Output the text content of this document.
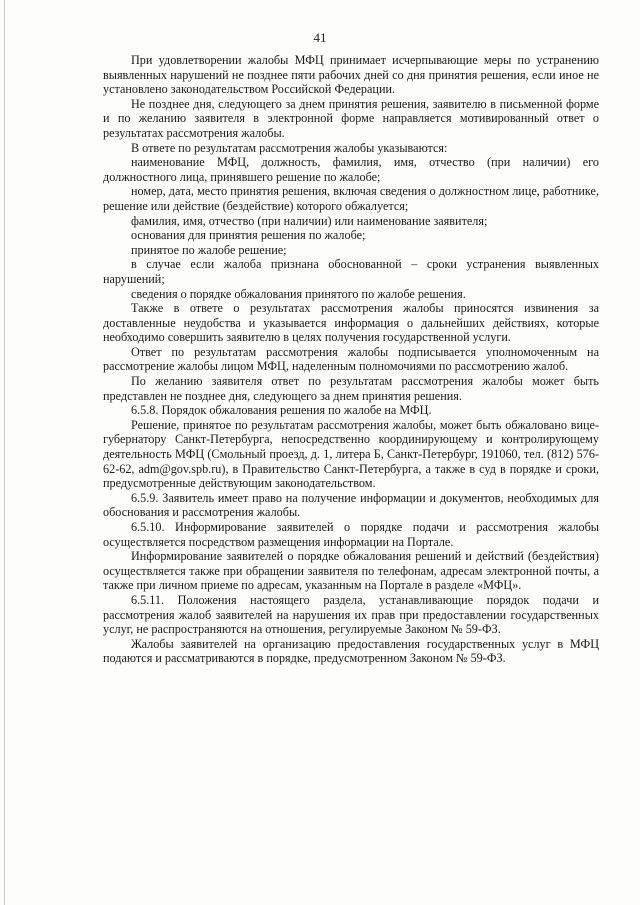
41

При удовлетворении жалобы МФЦ принимает исчерпывающие меры по устранению выявленных нарушений не позднее пяти рабочих дней со дня принятия решения, если иное не установлено законодательством Российской Федерации.

Не позднее дня, следующего за днем принятия решения, заявителю в письменной форме и по желанию заявителя в электронной форме направляется мотивированный ответ о результатах рассмотрения жалобы.

В ответе по результатам рассмотрения жалобы указываются:

наименование МФЦ, должность, фамилия, имя, отчество (при наличии) его должностного лица, принявшего решение по жалобе;

номер, дата, место принятия решения, включая сведения о должностном лице, работнике, решение или действие (бездействие) которого обжалуется;

фамилия, имя, отчество (при наличии) или наименование заявителя;

основания для принятия решения по жалобе;

принятое по жалобе решение;

в случае если жалоба признана обоснованной – сроки устранения выявленных нарушений;

сведения о порядке обжалования принятого по жалобе решения.

Также в ответе о результатах рассмотрения жалобы приносятся извинения за доставленные неудобства и указывается информация о дальнейших действиях, которые необходимо совершить заявителю в целях получения государственной услуги.

Ответ по результатам рассмотрения жалобы подписывается уполномоченным на рассмотрение жалобы лицом МФЦ, наделенным полномочиями по рассмотрению жалоб.

По желанию заявителя ответ по результатам рассмотрения жалобы может быть представлен не позднее дня, следующего за днем принятия решения.

6.5.8. Порядок обжалования решения по жалобе на МФЦ.

Решение, принятое по результатам рассмотрения жалобы, может быть обжаловано вице-губернатору Санкт-Петербурга, непосредственно координирующему и контролирующему деятельность МФЦ (Смольный проезд, д. 1, литера Б, Санкт-Петербург, 191060, тел. (812) 576-62-62, adm@gov.spb.ru), в Правительство Санкт-Петербурга, а также в суд в порядке и сроки, предусмотренные действующим законодательством.

6.5.9. Заявитель имеет право на получение информации и документов, необходимых для обоснования и рассмотрения жалобы.

6.5.10. Информирование заявителей о порядке подачи и рассмотрения жалобы осуществляется посредством размещения информации на Портале.

Информирование заявителей о порядке обжалования решений и действий (бездействия) осуществляется также при обращении заявителя по телефонам, адресам электронной почты, а также при личном приеме по адресам, указанным на Портале в разделе «МФЦ».

6.5.11. Положения настоящего раздела, устанавливающие порядок подачи и рассмотрения жалоб заявителей на нарушения их прав при предоставлении государственных услуг, не распространяются на отношения, регулируемые Законом № 59-ФЗ.

Жалобы заявителей на организацию предоставления государственных услуг в МФЦ подаются и рассматриваются в порядке, предусмотренном Законом № 59-ФЗ.
